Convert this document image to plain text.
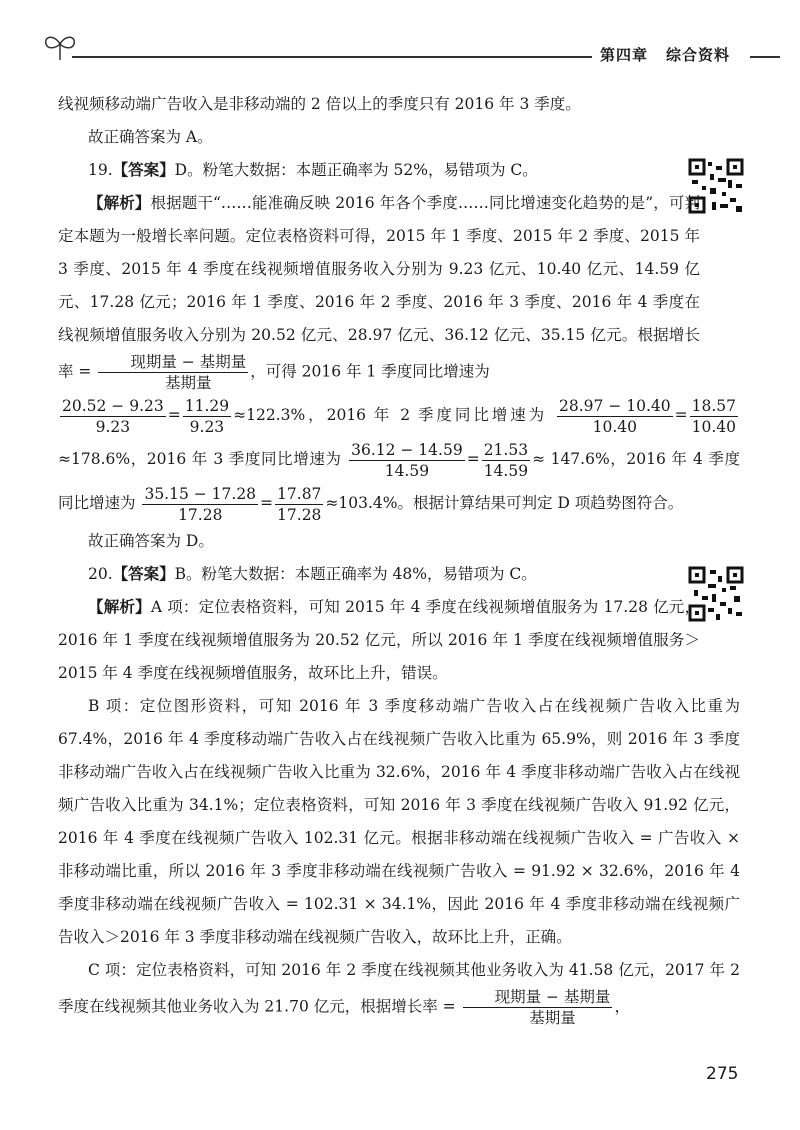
第四章 综合资料

线视频移动端广告收入是非移动端的 2 倍以上的季度只有 2016 年 3 季度。

故正确答案为 A。

19.【答案】D。粉笔大数据：本题正确率为 52%，易错项为 C。

【解析】根据题干“……能准确反映 2016 年各个季度……同比增速变化趋势的是”，可判定本题为一般增长率问题。定位表格资料可得，2015 年 1 季度、2015 年 2 季度、2015 年 3 季度、2015 年 4 季度在线视频增值服务收入分别为 9.23 亿元、10.40 亿元、14.59 亿元、17.28 亿元；2016 年 1 季度、2016 年 2 季度、2016 年 3 季度、2016 年 4 季度在线视频增值服务收入分别为 20.52 亿元、28.97 亿元、36.12 亿元、35.15 亿元。根据增长率 = $\frac{\text{现期量 − 基期量}}{\text{基期量}}$ ，可得 2016 年 1 季度同比增速为

$\frac{20.52 - 9.23}{9.23} = \frac{11.29}{9.23} \approx 122.3\%$，2016 年 2 季度同比增速为 $\frac{28.97 - 10.40}{10.40} = \frac{18.57}{10.40}$
≈178.6%，2016 年 3 季度同比增速为 $\frac{36.12 - 14.59}{14.59} = \frac{21.53}{14.59} \approx 147.6\%$，2016 年 4 季度同比增速为 $\frac{35.15 - 17.28}{17.28} = \frac{17.87}{17.28} \approx 103.4\%$。根据计算结果可判定 D 项趋势图符合。

故正确答案为 D。

20.【答案】B。粉笔大数据：本题正确率为 48%，易错项为 C。

【解析】A 项：定位表格资料，可知 2015 年 4 季度在线视频增值服务为 17.28 亿元，2016 年 1 季度在线视频增值服务为 20.52 亿元，所以 2016 年 1 季度在线视频增值服务＞2015 年 4 季度在线视频增值服务，故环比上升，错误。

B 项：定位图形资料，可知 2016 年 3 季度移动端广告收入占在线视频广告收入比重为 67.4%，2016 年 4 季度移动端广告收入占在线视频广告收入比重为 65.9%，则 2016 年 3 季度非移动端广告收入占在线视频广告收入比重为 32.6%，2016 年 4 季度非移动端广告收入占在线视频广告收入比重为 34.1%；定位表格资料，可知 2016 年 3 季度在线视频广告收入 91.92 亿元，2016 年 4 季度在线视频广告收入 102.31 亿元。根据非移动端在线视频广告收入 = 广告收入 × 非移动端比重，所以 2016 年 3 季度非移动端在线视频广告收入 = 91.92 × 32.6%，2016 年 4 季度非移动端在线视频广告收入 = 102.31 × 34.1%，因此 2016 年 4 季度非移动端在线视频广告收入＞2016 年 3 季度非移动端在线视频广告收入，故环比上升，正确。

C 项：定位表格资料，可知 2016 年 2 季度在线视频其他业务收入为 41.58 亿元，2017 年 2 季度在线视频其他业务收入为 21.70 亿元，根据增长率 = $\frac{\text{现期量 − 基期量}}{\text{基期量}}$ ，

275
